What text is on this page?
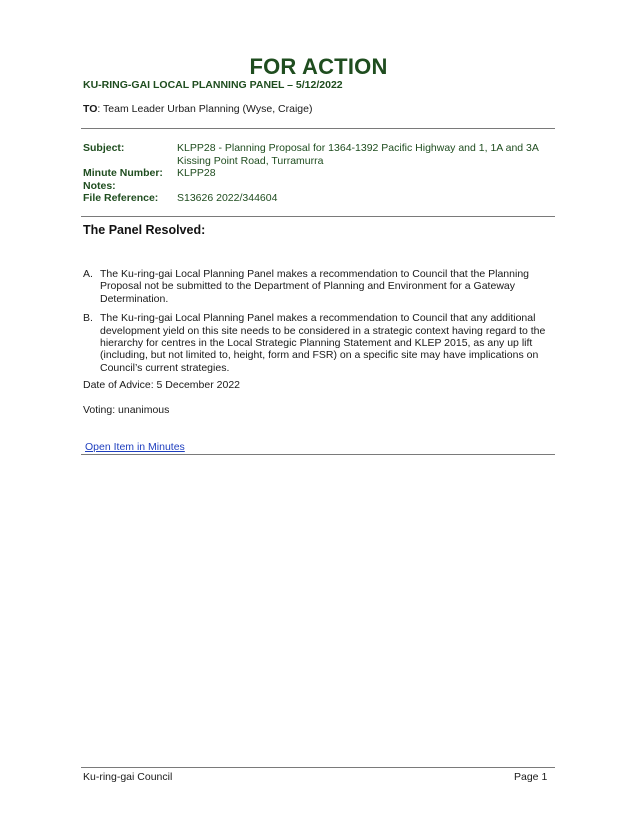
FOR ACTION
KU-RING-GAI LOCAL PLANNING PANEL – 5/12/2022
TO: Team Leader Urban Planning (Wyse, Craige)
Subject:	KLPP28 - Planning Proposal for 1364-1392 Pacific Highway and 1, 1A and 3A
Kissing Point Road, Turramurra
Minute Number:	KLPP28
Notes:
File Reference:	S13626 2022/344604
The Panel Resolved:
A. The Ku-ring-gai Local Planning Panel makes a recommendation to Council that the Planning Proposal not be submitted to the Department of Planning and Environment for a Gateway Determination.
B. The Ku-ring-gai Local Planning Panel makes a recommendation to Council that any additional development yield on this site needs to be considered in a strategic context having regard to the hierarchy for centres in the Local Strategic Planning Statement and KLEP 2015, as any up lift (including, but not limited to, height, form and FSR) on a specific site may have implications on Council’s current strategies.
Date of Advice: 5 December 2022
Voting: unanimous
Open Item in Minutes
Ku-ring-gai Council	Page 1
